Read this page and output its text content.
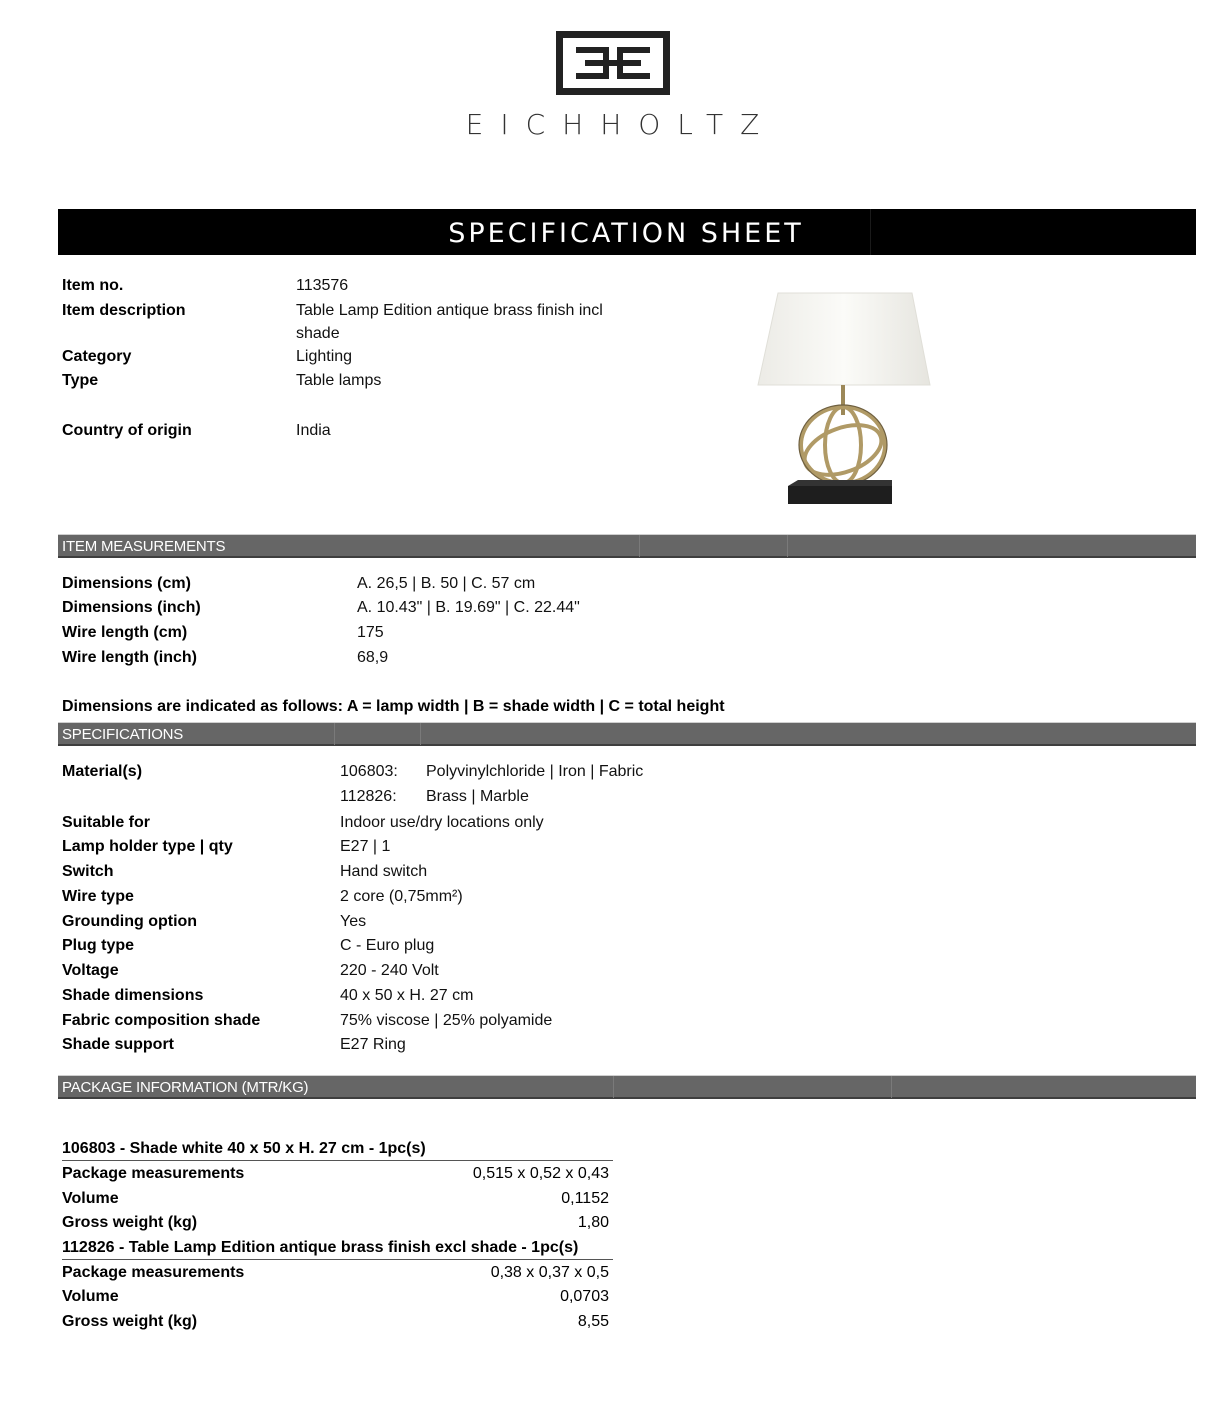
EICHHOLTZ
SPECIFICATION SHEET
Item no.	113576
Item description	Table Lamp Edition antique brass finish incl
shade
Category	Lighting
Type	Table lamps
Country of origin	India
ITEM MEASUREMENTS
Dimensions (cm)	A. 26,5 | B. 50 | C. 57 cm
Dimensions (inch)	A. 10.43" | B. 19.69" | C. 22.44"
Wire length (cm)	175
Wire length (inch)	68,9
Dimensions are indicated as follows: A = lamp width | B = shade width | C = total height
SPECIFICATIONS
Material(s)	106803: Polyvinylchloride | Iron | Fabric
112826: Brass | Marble
Suitable for	Indoor use/dry locations only
Lamp holder type | qty	E27 | 1
Switch	Hand switch
Wire type	2 core (0,75mm²)
Grounding option	Yes
Plug type	C - Euro plug
Voltage	220 - 240 Volt
Shade dimensions	40 x 50 x H. 27 cm
Fabric composition shade	75% viscose | 25% polyamide
Shade support	E27 Ring
PACKAGE INFORMATION (MTR/KG)
106803 - Shade white 40 x 50 x H. 27 cm - 1pc(s)
Package measurements	0,515 x 0,52 x 0,43
Volume	0,1152
Gross weight (kg)	1,80
112826 - Table Lamp Edition antique brass finish excl shade - 1pc(s)
Package measurements	0,38 x 0,37 x 0,5
Volume	0,0703
Gross weight (kg)	8,55
